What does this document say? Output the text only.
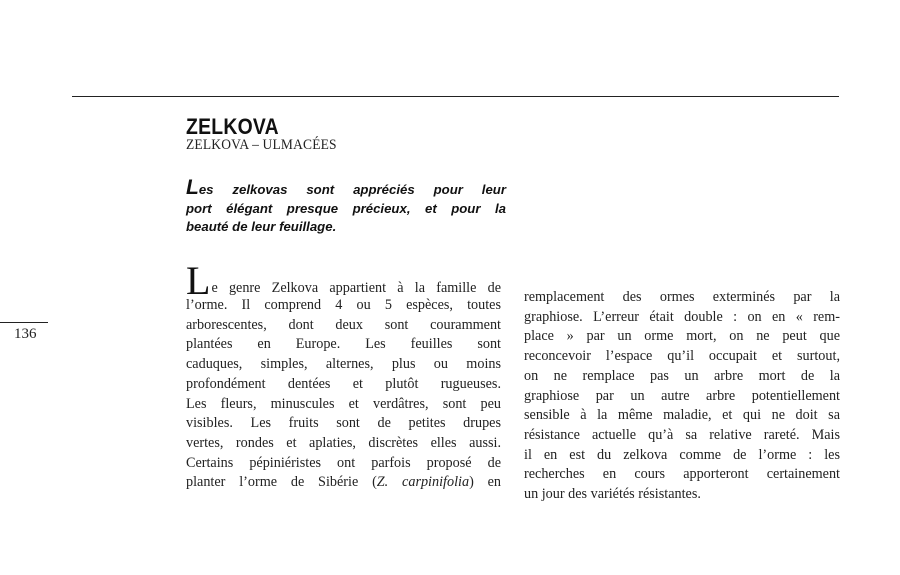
136
ZELKOVA
ZELKOVA – ULMACÉES
Les zelkovas sont appréciés pour leur
port élégant presque précieux, et pour la
beauté de leur feuillage.
Le genre Zelkova appartient à la famille de
l’orme. Il comprend 4 ou 5 espèces, toutes
arborescentes, dont deux sont couramment
plantées en Europe. Les feuilles sont
caduques, simples, alternes, plus ou moins
profondément dentées et plutôt rugueuses.
Les fleurs, minuscules et verdâtres, sont peu
visibles. Les fruits sont de petites drupes
vertes, rondes et aplaties, discrètes elles aussi.
Certains pépiniéristes ont parfois proposé de
planter l’orme de Sibérie (Z. carpinifolia) en
remplacement des ormes exterminés par la
graphiose. L’erreur était double : on en « rem-
place » par un orme mort, on ne peut que
reconcevoir l’espace qu’il occupait et surtout,
on ne remplace pas un arbre mort de la
graphiose par un autre arbre potentiellement
sensible à la même maladie, et qui ne doit sa
résistance actuelle qu’à sa relative rareté. Mais
il en est du zelkova comme de l’orme : les
recherches en cours apporteront certainement
un jour des variétés résistantes.
